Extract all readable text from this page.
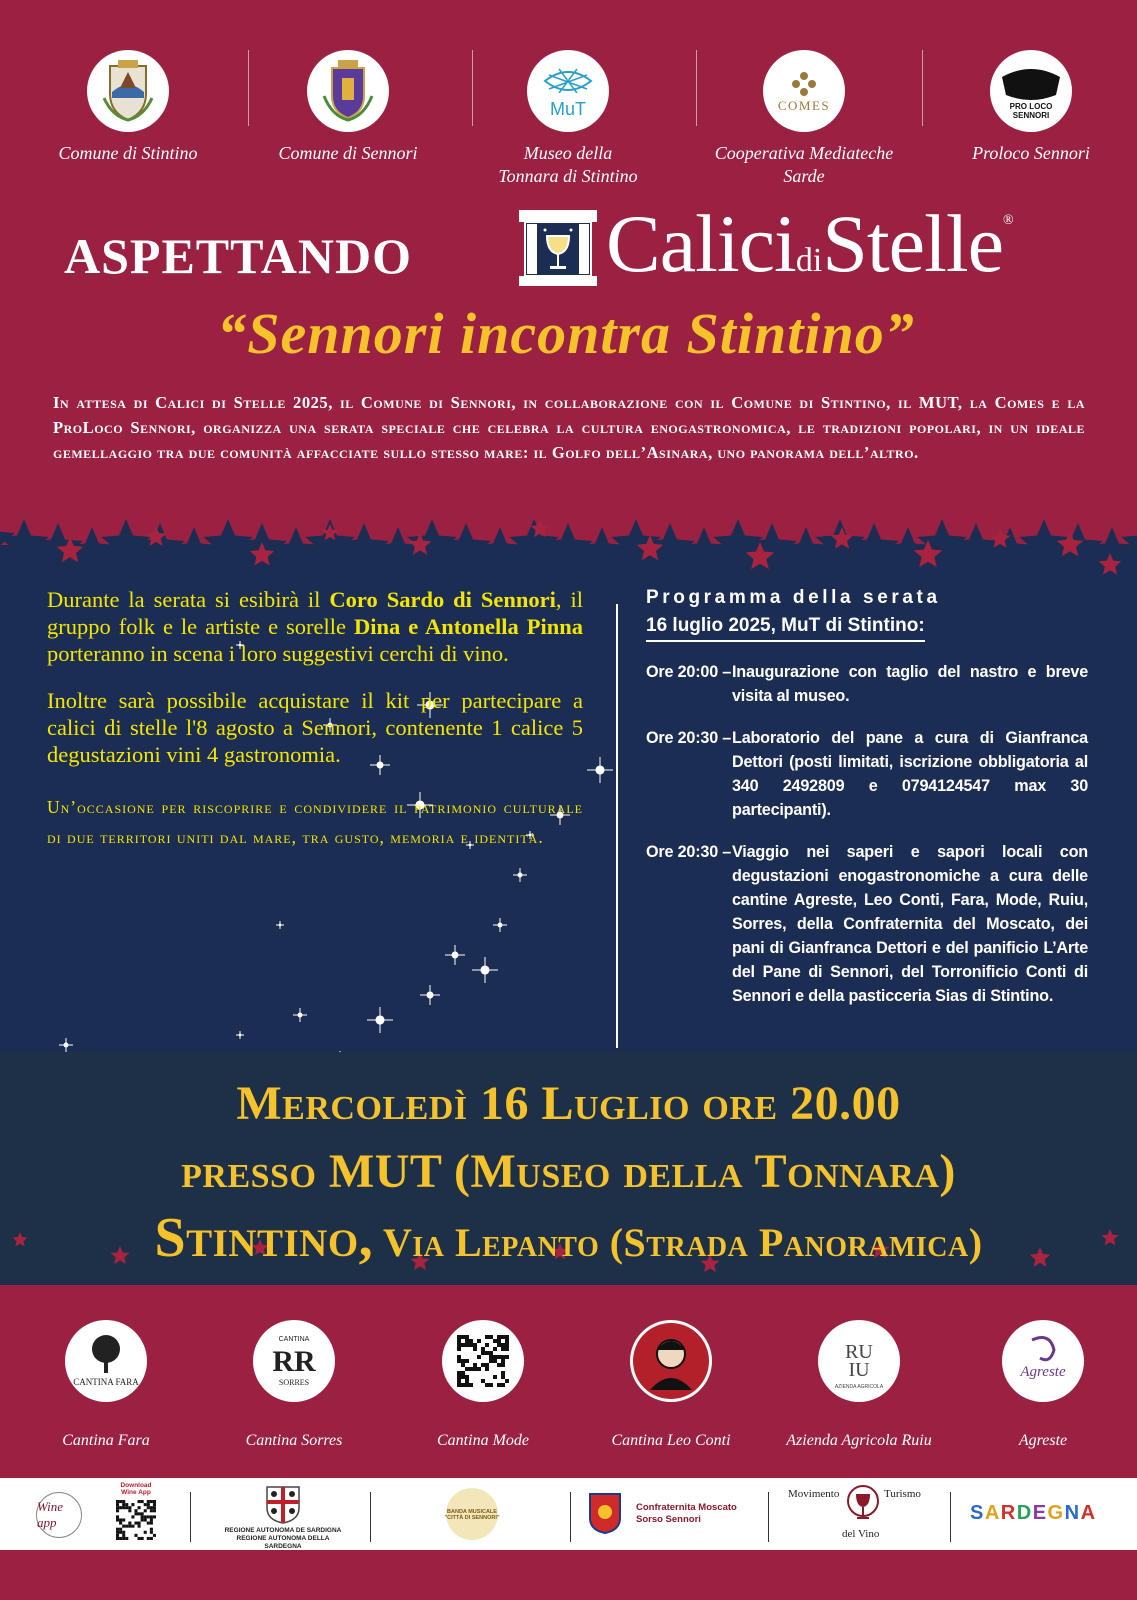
Comune di Stintino	Comune di Sennori
MuT
Museo della
Tonnara di Stintino
COMES
Cooperativa Mediateche
Sarde
PRO LOCO
SENNORI
Proloco Sennori
ASPETTANDO CalicidiStelle®
“Sennori incontra Stintino”
In attesa di Calici di Stelle 2025, il Comune di Sennori, in collaborazione con il Comune di Stintino, il MUT, la Comes e la ProLoco Sennori, organizza una serata speciale che celebra la cultura enogastronomica, le tradizioni popolari, in un ideale gemellaggio tra due comunità affacciate sullo stesso mare: il Golfo dell’Asinara, uno panorama dell’altro.

Durante la serata si esibirà il Coro Sardo di Sennori, il gruppo folk e le artiste e sorelle Dina e Antonella Pinna porteranno in scena i loro suggestivi cerchi di vino.

Inoltre sarà possibile acquistare il kit per partecipare a calici di stelle l'8 agosto a Sennori, contenente 1 calice 5 degustazioni vini 4 gastronomia.

Un’occasione per riscoprire e condividere il patrimonio culturale di due territori uniti dal mare, tra gusto, memoria e identità.

Programma della serata
16 luglio 2025, MuT di Stintino:
Ore 20:00 – Inaugurazione con taglio del nastro e breve visita al museo.
Ore 20:30 – Laboratorio del pane a cura di Gianfranca Dettori (posti limitati, iscrizione obbligatoria al 340 2492809 e 0794124547 max 30 partecipanti).
Ore 20:30 – Viaggio nei saperi e sapori locali con degustazioni enogastronomiche a cura delle cantine Agreste, Leo Conti, Fara, Mode, Ruiu, Sorres, della Confraternita del Moscato, dei pani di Gianfranca Dettori e del panificio L’Arte del Pane di Sennori, del Torronificio Conti di Sennori e della pasticceria Sias di Stintino.
Mercoledì 16 Luglio ore 20.00
presso MUT (Museo della Tonnara)
Stintino, Via Lepanto (Strada Panoramica)
CANTINA FARA
Cantina Fara
CANTINA
RR
SORRES
Cantina Sorres	Cantina Mode	Cantina Leo Conti
RU
IU
AZIENDA AGRICOLA
Azienda Agricola Ruiu
Agreste
Agreste
Wine app
Download Wine App
REGIONE AUTONOMA DE SARDIGNA
REGIONE AUTONOMA DELLA SARDEGNA
BANDA MUSICALE "CITTÀ DI SENNORI"
Confraternita Moscato
Sorso Sennori
Movimento	Turismo
del Vino
SARDEGNA
